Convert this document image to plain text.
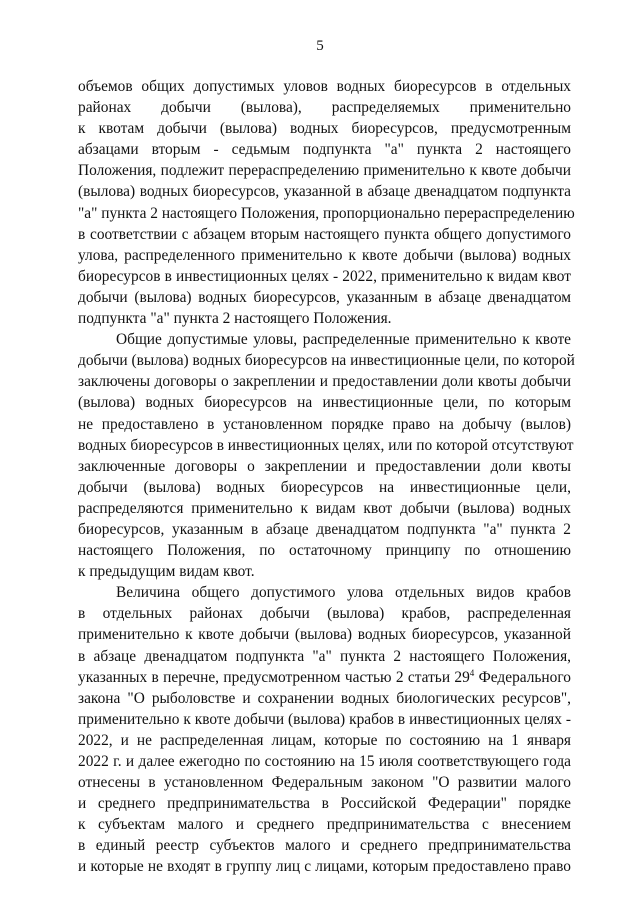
5
объемов общих допустимых уловов водных биоресурсов в отдельных
районах добычи (вылова), распределяемых применительно
к квотам добычи (вылова) водных биоресурсов, предусмотренным
абзацами вторым - седьмым подпункта "а" пункта 2 настоящего
Положения, подлежит перераспределению применительно к квоте добычи
(вылова) водных биоресурсов, указанной в абзаце двенадцатом подпункта
"а" пункта 2 настоящего Положения, пропорционально перераспределению
в соответствии с абзацем вторым настоящего пункта общего допустимого
улова, распределенного применительно к квоте добычи (вылова) водных
биоресурсов в инвестиционных целях - 2022, применительно к видам квот
добычи (вылова) водных биоресурсов, указанным в абзаце двенадцатом
подпункта "а" пункта 2 настоящего Положения.
Общие допустимые уловы, распределенные применительно к квоте
добычи (вылова) водных биоресурсов на инвестиционные цели, по которой
заключены договоры о закреплении и предоставлении доли квоты добычи
(вылова) водных биоресурсов на инвестиционные цели, по которым
не предоставлено в установленном порядке право на добычу (вылов)
водных биоресурсов в инвестиционных целях, или по которой отсутствуют
заключенные договоры о закреплении и предоставлении доли квоты
добычи (вылова) водных биоресурсов на инвестиционные цели,
распределяются применительно к видам квот добычи (вылова) водных
биоресурсов, указанным в абзаце двенадцатом подпункта "а" пункта 2
настоящего Положения, по остаточному принципу по отношению
к предыдущим видам квот.
Величина общего допустимого улова отдельных видов крабов
в отдельных районах добычи (вылова) крабов, распределенная
применительно к квоте добычи (вылова) водных биоресурсов, указанной
в абзаце двенадцатом подпункта "а" пункта 2 настоящего Положения,
указанных в перечне, предусмотренном частью 2 статьи $29^4$ Федерального
закона "О рыболовстве и сохранении водных биологических ресурсов",
применительно к квоте добычи (вылова) крабов в инвестиционных целях -
2022, и не распределенная лицам, которые по состоянию на 1 января
2022 г. и далее ежегодно по состоянию на 15 июля соответствующего года
отнесены в установленном Федеральным законом "О развитии малого
и среднего предпринимательства в Российской Федерации" порядке
к субъектам малого и среднего предпринимательства с внесением
в единый реестр субъектов малого и среднего предпринимательства
и которые не входят в группу лиц с лицами, которым предоставлено право
